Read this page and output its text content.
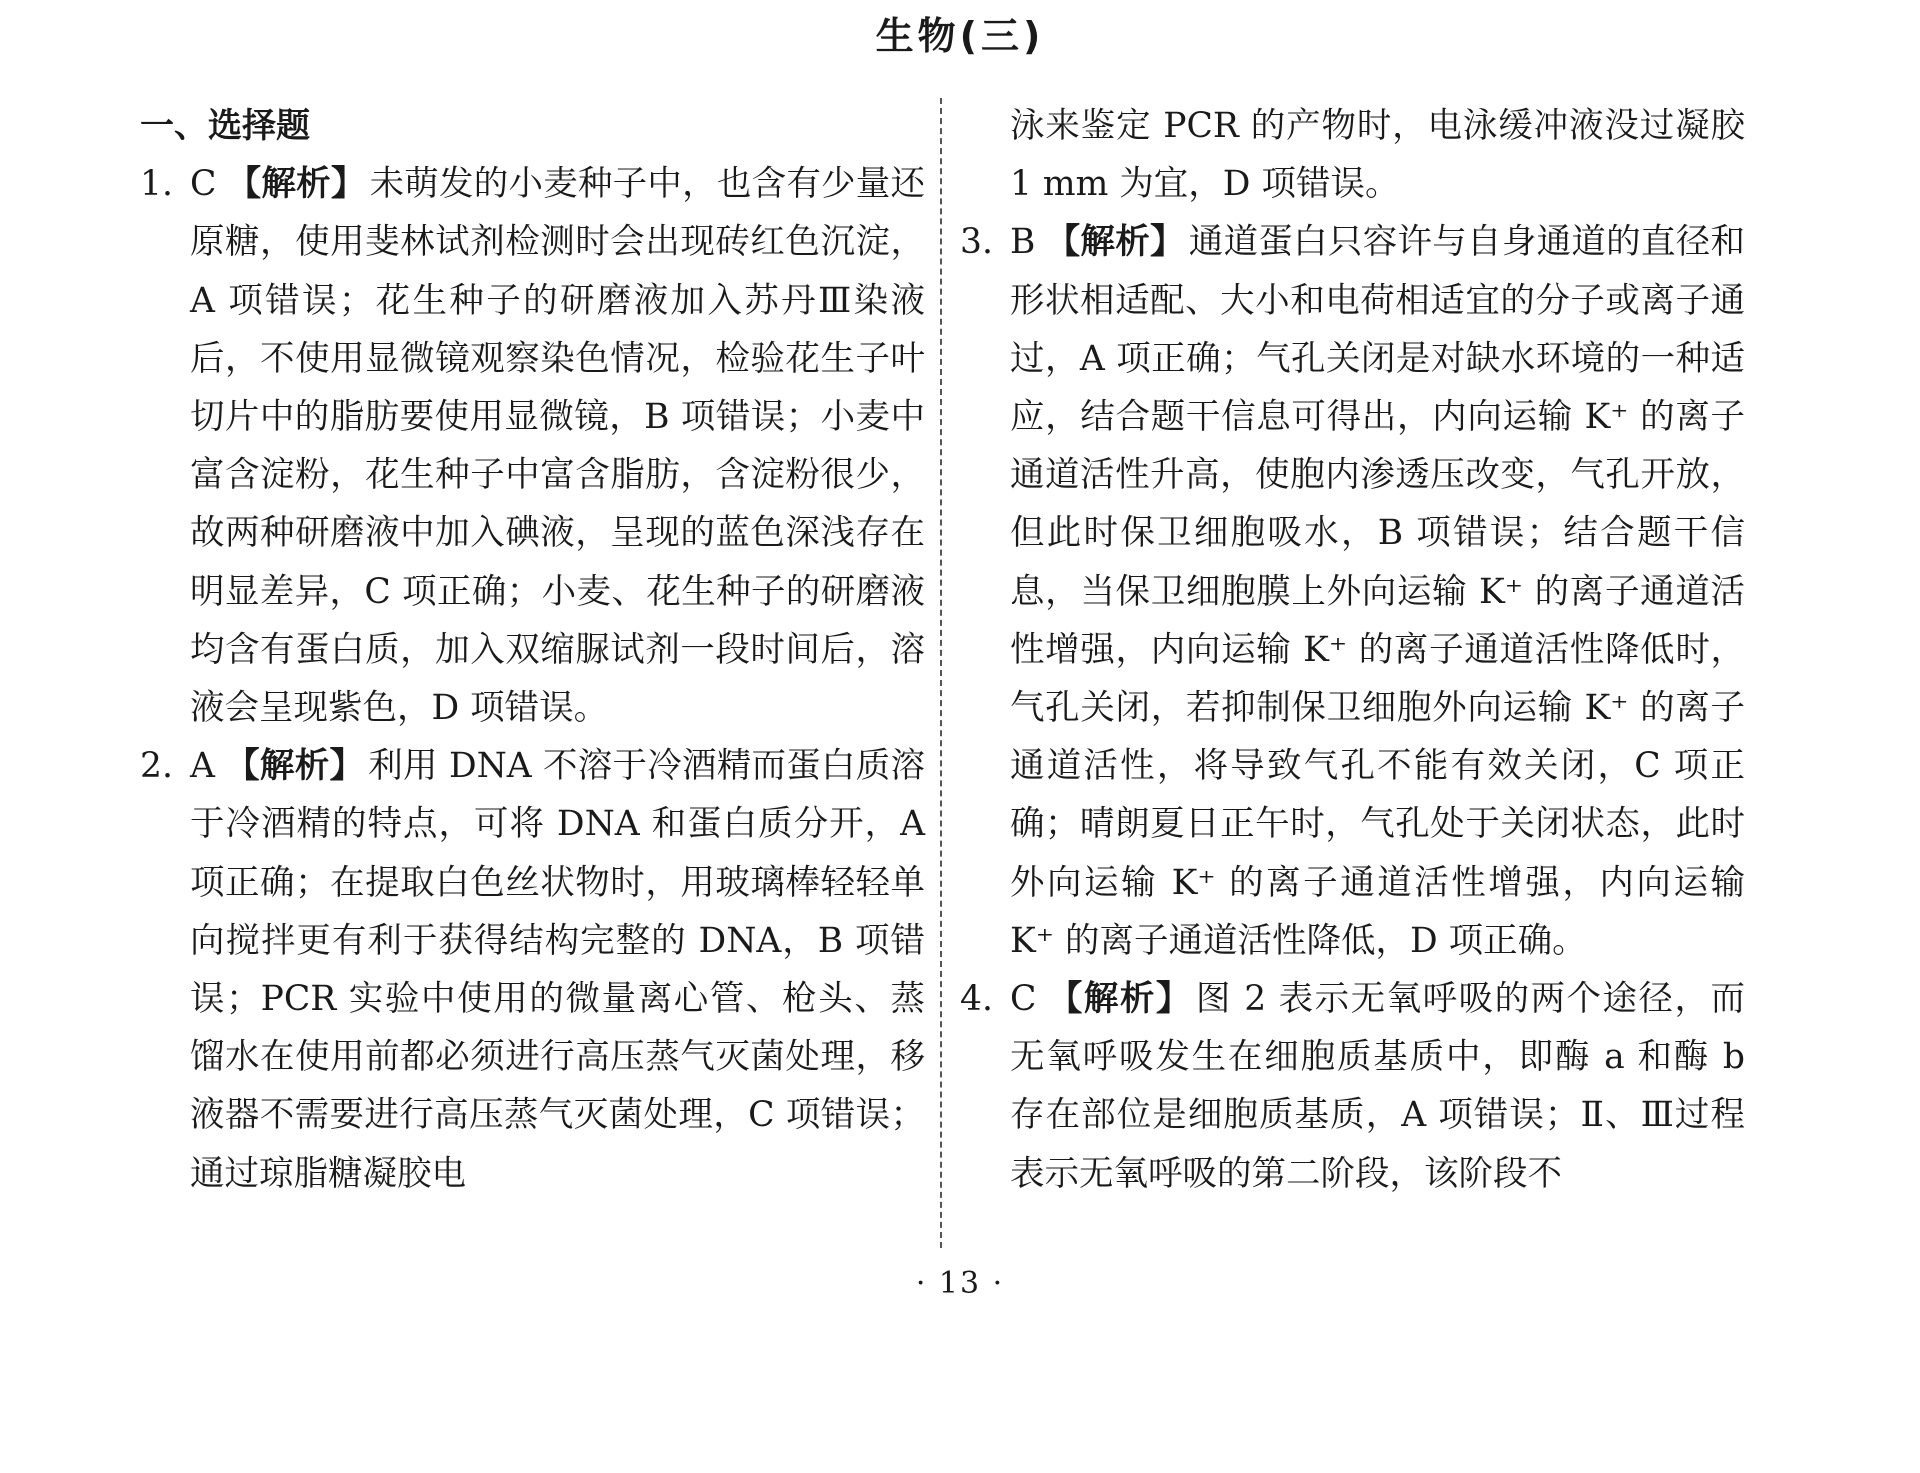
生物(三)
一、选择题
1. C 【解析】 未萌发的小麦种子中，也含有少量还原糖，使用斐林试剂检测时会出现砖红色沉淀，A 项错误；花生种子的研磨液加入苏丹Ⅲ染液后，不使用显微镜观察染色情况，检验花生子叶切片中的脂肪要使用显微镜，B 项错误；小麦中富含淀粉，花生种子中富含脂肪，含淀粉很少，故两种研磨液中加入碘液，呈现的蓝色深浅存在明显差异，C 项正确；小麦、花生种子的研磨液均含有蛋白质，加入双缩脲试剂一段时间后，溶液会呈现紫色，D 项错误。
2. A 【解析】 利用 DNA 不溶于冷酒精而蛋白质溶于冷酒精的特点，可将 DNA 和蛋白质分开，A 项正确；在提取白色丝状物时，用玻璃棒轻轻单向搅拌更有利于获得结构完整的 DNA，B 项错误；PCR 实验中使用的微量离心管、枪头、蒸馏水在使用前都必须进行高压蒸气灭菌处理，移液器不需要进行高压蒸气灭菌处理，C 项错误；通过琼脂糖凝胶电
泳来鉴定 PCR 的产物时，电泳缓冲液没过凝胶 1 mm 为宜，D 项错误。
3. B 【解析】 通道蛋白只容许与自身通道的直径和形状相适配、大小和电荷相适宜的分子或离子通过，A 项正确；气孔关闭是对缺水环境的一种适应，结合题干信息可得出，内向运输 K⁺ 的离子通道活性升高，使胞内渗透压改变，气孔开放，但此时保卫细胞吸水，B 项错误；结合题干信息，当保卫细胞膜上外向运输 K⁺ 的离子通道活性增强，内向运输 K⁺ 的离子通道活性降低时，气孔关闭，若抑制保卫细胞外向运输 K⁺ 的离子通道活性，将导致气孔不能有效关闭，C 项正确；晴朗夏日正午时，气孔处于关闭状态，此时外向运输 K⁺ 的离子通道活性增强，内向运输 K⁺ 的离子通道活性降低，D 项正确。
4. C 【解析】 图 2 表示无氧呼吸的两个途径，而无氧呼吸发生在细胞质基质中，即酶 a 和酶 b 存在部位是细胞质基质，A 项错误；Ⅱ、Ⅲ过程表示无氧呼吸的第二阶段，该阶段不
· 13 ·
